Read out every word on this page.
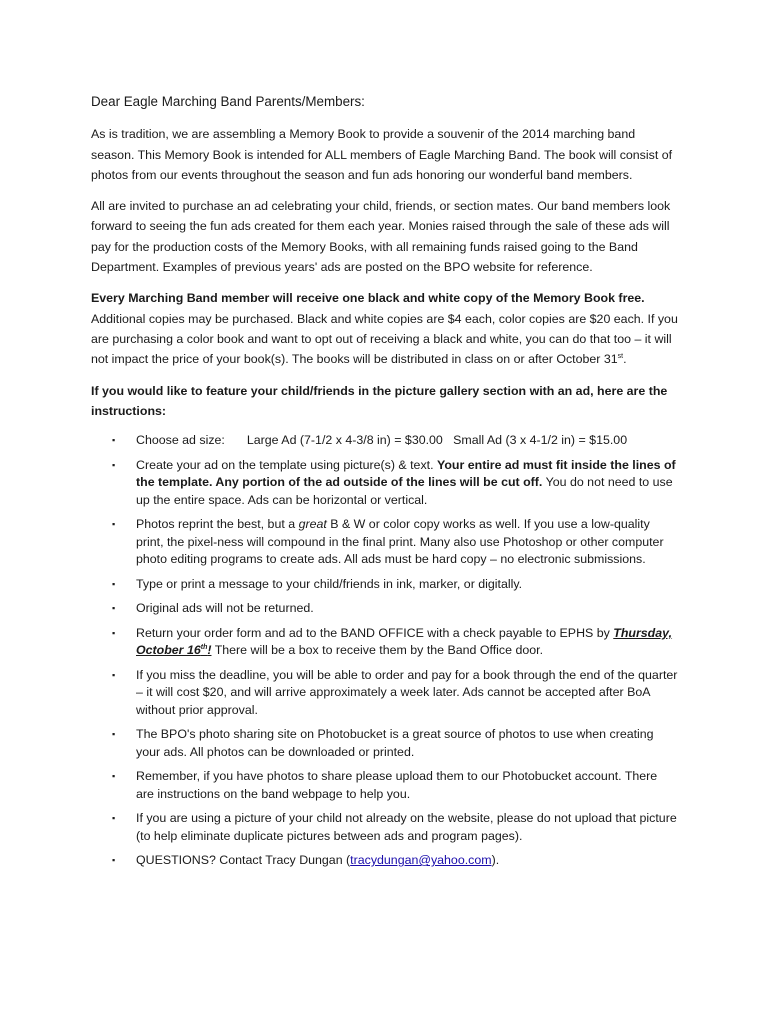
Dear Eagle Marching Band Parents/Members:

As is tradition, we are assembling a Memory Book to provide a souvenir of the 2014 marching band season. This Memory Book is intended for ALL members of Eagle Marching Band. The book will consist of photos from our events throughout the season and fun ads honoring our wonderful band members.

All are invited to purchase an ad celebrating your child, friends, or section mates. Our band members look forward to seeing the fun ads created for them each year. Monies raised through the sale of these ads will pay for the production costs of the Memory Books, with all remaining funds raised going to the Band Department. Examples of previous years' ads are posted on the BPO website for reference.

Every Marching Band member will receive one black and white copy of the Memory Book free. Additional copies may be purchased. Black and white copies are $4 each, color copies are $20 each. If you are purchasing a color book and want to opt out of receiving a black and white, you can do that too – it will not impact the price of your book(s). The books will be distributed in class on or after October 31st.

If you would like to feature your child/friends in the picture gallery section with an ad, here are the instructions:

▪ Choose ad size: Large Ad (7-1/2 x 4-3/8 in) = $30.00 Small Ad (3 x 4-1/2 in) = $15.00
▪ Create your ad on the template using picture(s) & text. Your entire ad must fit inside the lines of the template. Any portion of the ad outside of the lines will be cut off. You do not need to use up the entire space. Ads can be horizontal or vertical.
▪ Photos reprint the best, but a great B & W or color copy works as well. If you use a low-quality print, the pixel-ness will compound in the final print. Many also use Photoshop or other computer photo editing programs to create ads. All ads must be hard copy – no electronic submissions.
▪ Type or print a message to your child/friends in ink, marker, or digitally.
▪ Original ads will not be returned.
▪ Return your order form and ad to the BAND OFFICE with a check payable to EPHS by Thursday, October 16th! There will be a box to receive them by the Band Office door.
▪ If you miss the deadline, you will be able to order and pay for a book through the end of the quarter – it will cost $20, and will arrive approximately a week later. Ads cannot be accepted after BoA without prior approval.
▪ The BPO's photo sharing site on Photobucket is a great source of photos to use when creating your ads. All photos can be downloaded or printed.
▪ Remember, if you have photos to share please upload them to our Photobucket account. There are instructions on the band webpage to help you.
▪ If you are using a picture of your child not already on the website, please do not upload that picture (to help eliminate duplicate pictures between ads and program pages).
▪ QUESTIONS? Contact Tracy Dungan (tracydungan@yahoo.com).
